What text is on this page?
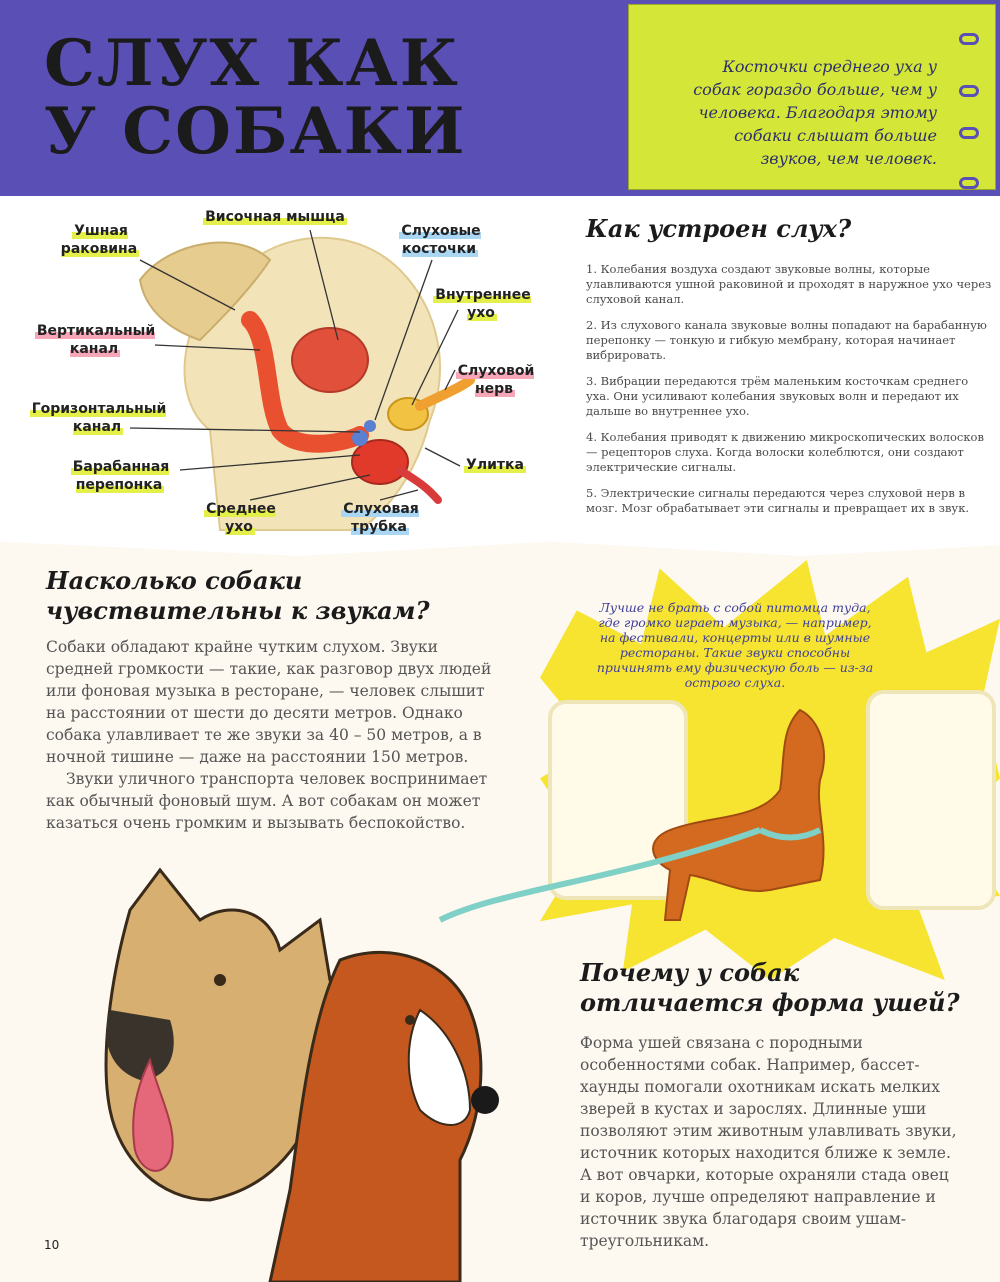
СЛУХ КАК
У СОБАКИ
Косточки среднего уха у собак гораздо больше, чем у человека. Благодаря этому собаки слышат больше звуков, чем человек.
Ушная раковина
Височная мышца
Слуховые косточки
Внутреннее ухо
Вертикальный канал
Слуховой нерв
Горизонтальный канал
Улитка
Барабанная перепонка
Среднее ухо
Слуховая трубка
Как устроен слух?
1. Колебания воздуха создают звуковые волны, которые улавливаются ушной раковиной и проходят в наружное ухо через слуховой канал.
2. Из слухового канала звуковые волны попадают на барабанную перепонку — тонкую и гибкую мембрану, которая начинает вибрировать.
3. Вибрации передаются трём маленьким косточкам среднего уха. Они усиливают колебания звуковых волн и передают их дальше во внутреннее ухо.
4. Колебания приводят к движению микроскопических волосков — рецепторов слуха. Когда волоски колеблются, они создают электрические сигналы.
5. Электрические сигналы передаются через слуховой нерв в мозг. Мозг обрабатывает эти сигналы и превращает их в звук.
Насколько собаки чувствительны к звукам?

Собаки обладают крайне чутким слухом. Звуки средней громкости — такие, как разговор двух людей или фоновая музыка в ресторане, — человек слышит на расстоянии от шести до десяти метров. Однако собака улавливает те же звуки за 40 – 50 метров, а в ночной тишине — даже на расстоянии 150 метров.

Звуки уличного транспорта человек воспринимает как обычный фоновый шум. А вот собакам он может казаться очень громким и вызывать беспокойство.

Лучше не брать с собой питомца туда, где громко играет музыка, — например, на фестивали, концерты или в шумные рестораны. Такие звуки способны причинять ему физическую боль — из-за острого слуха.
Почему у собак отличается форма ушей?

Форма ушей связана с породными особенностями собак. Например, бассет-хаунды помогали охотникам искать мелких зверей в кустах и зарослях. Длинные уши позволяют этим животным улавливать звуки, источник которых находится ближе к земле. А вот овчарки, которые охраняли стада овец и коров, лучше определяют направление и источник звука благодаря своим ушам-треугольникам.

10
